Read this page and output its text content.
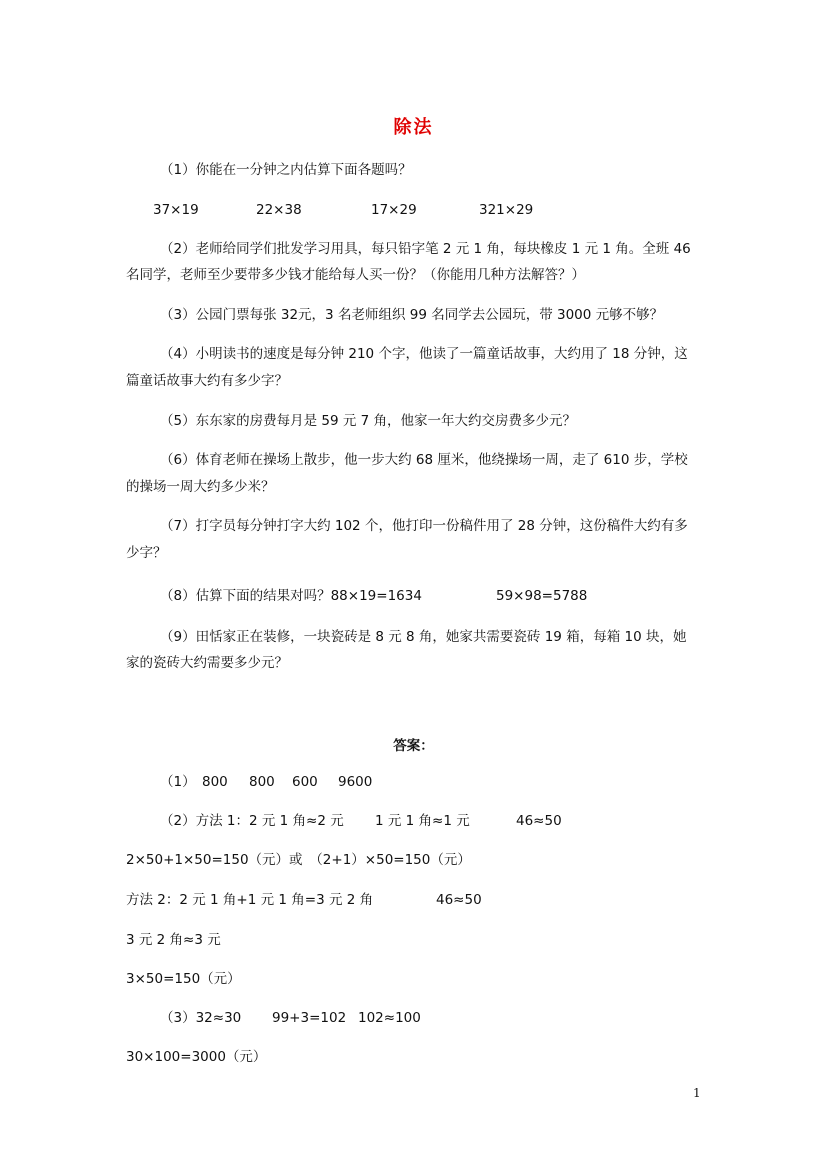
除法
（1）你能在一分钟之内估算下面各题吗？
37×19	22×38	17×29	321×29
（2）老师给同学们批发学习用具，每只铅字笔 2 元 1 角，每块橡皮 1 元 1 角。全班 46
名同学，老师至少要带多少钱才能给每人买一份？（你能用几种方法解答？）
（3）公园门票每张 32元，3 名老师组织 99 名同学去公园玩，带 3000 元够不够？
（4）小明读书的速度是每分钟 210 个字，他读了一篇童话故事，大约用了 18 分钟，这
篇童话故事大约有多少字？
（5）东东家的房费每月是 59 元 7 角，他家一年大约交房费多少元？
（6）体育老师在操场上散步，他一步大约 68 厘米，他绕操场一周，走了 610 步，学校
的操场一周大约多少米？
（7）打字员每分钟打字大约 102 个，他打印一份稿件用了 28 分钟，这份稿件大约有多
少字？
（8）估算下面的结果对吗？88×19=1634	59×98=5788
（9）田恬家正在装修，一块瓷砖是 8 元 8 角，她家共需要瓷砖 19 箱，每箱 10 块，她
家的瓷砖大约需要多少元？
答案：
（1） 800 800 600 9600
（2）方法 1：2 元 1 角≈2 元 1 元 1 角≈1 元	46≈50
2×50+1×50=150（元）或　（2+1）×50=150（元）
方法 2：2 元 1 角+1 元 1 角=3 元 2 角	46≈50
3 元 2 角≈3 元
3×50=150（元）
（3）32≈30 99+3=102 102≈100
30×100=3000（元）
1
